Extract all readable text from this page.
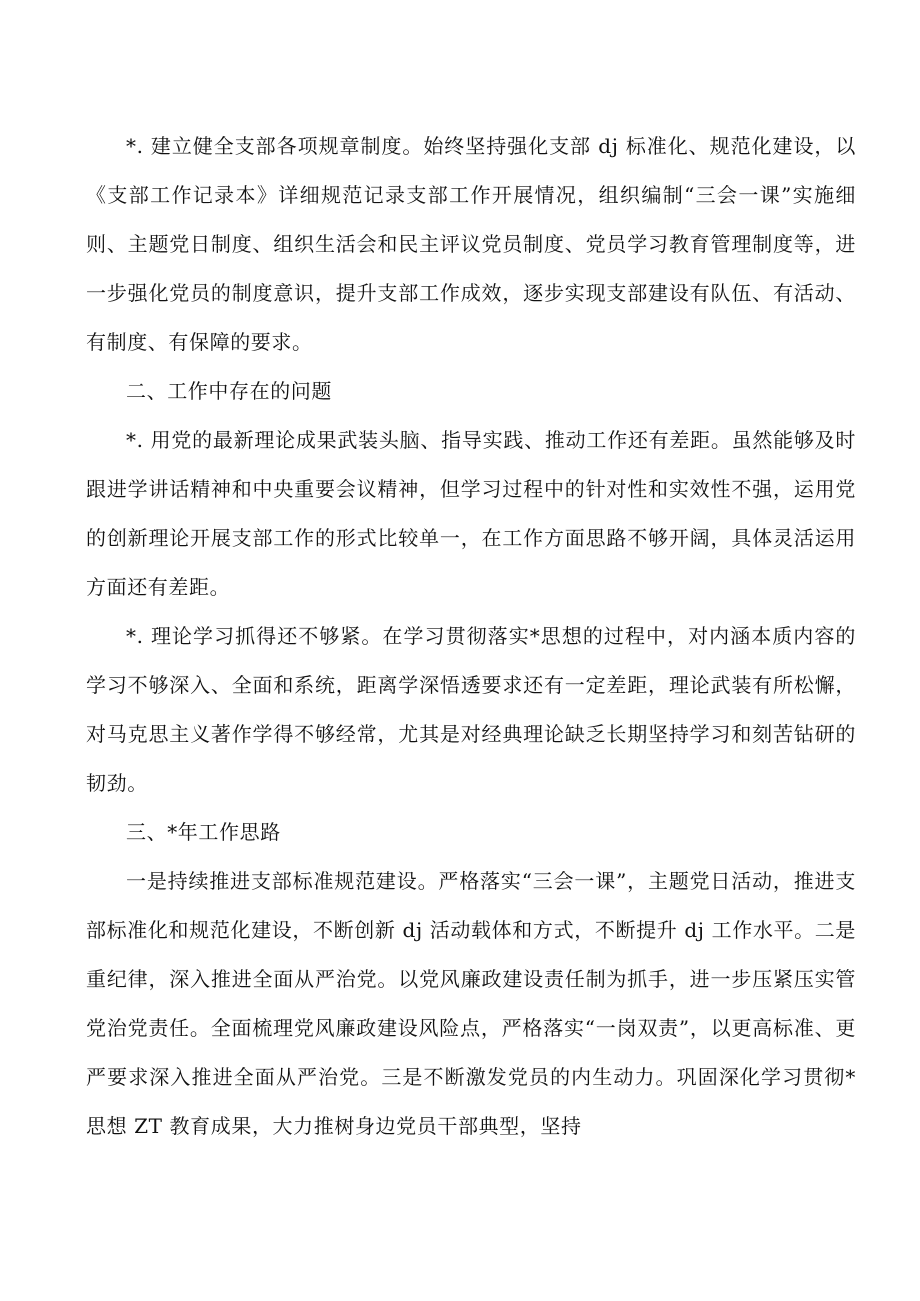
*. 建立健全支部各项规章制度。始终坚持强化支部 dj 标准化、规范化建设，以《支部工作记录本》详细规范记录支部工作开展情况，组织编制“三会一课”实施细则、主题党日制度、组织生活会和民主评议党员制度、党员学习教育管理制度等，进一步强化党员的制度意识，提升支部工作成效，逐步实现支部建设有队伍、有活动、有制度、有保障的要求。

二、工作中存在的问题

*. 用党的最新理论成果武装头脑、指导实践、推动工作还有差距。虽然能够及时跟进学讲话精神和中央重要会议精神，但学习过程中的针对性和实效性不强，运用党的创新理论开展支部工作的形式比较单一，在工作方面思路不够开阔，具体灵活运用方面还有差距。

*. 理论学习抓得还不够紧。在学习贯彻落实*思想的过程中，对内涵本质内容的学习不够深入、全面和系统，距离学深悟透要求还有一定差距，理论武装有所松懈，对马克思主义著作学得不够经常，尤其是对经典理论缺乏长期坚持学习和刻苦钻研的韧劲。

三、*年工作思路

一是持续推进支部标准规范建设。严格落实“三会一课”，主题党日活动，推进支部标准化和规范化建设，不断创新 dj 活动载体和方式，不断提升 dj 工作水平。二是重纪律，深入推进全面从严治党。以党风廉政建设责任制为抓手，进一步压紧压实管党治党责任。全面梳理党风廉政建设风险点，严格落实“一岗双责”，以更高标准、更严要求深入推进全面从严治党。三是不断激发党员的内生动力。巩固深化学习贯彻*思想 ZT 教育成果，大力推树身边党员干部典型，坚持
